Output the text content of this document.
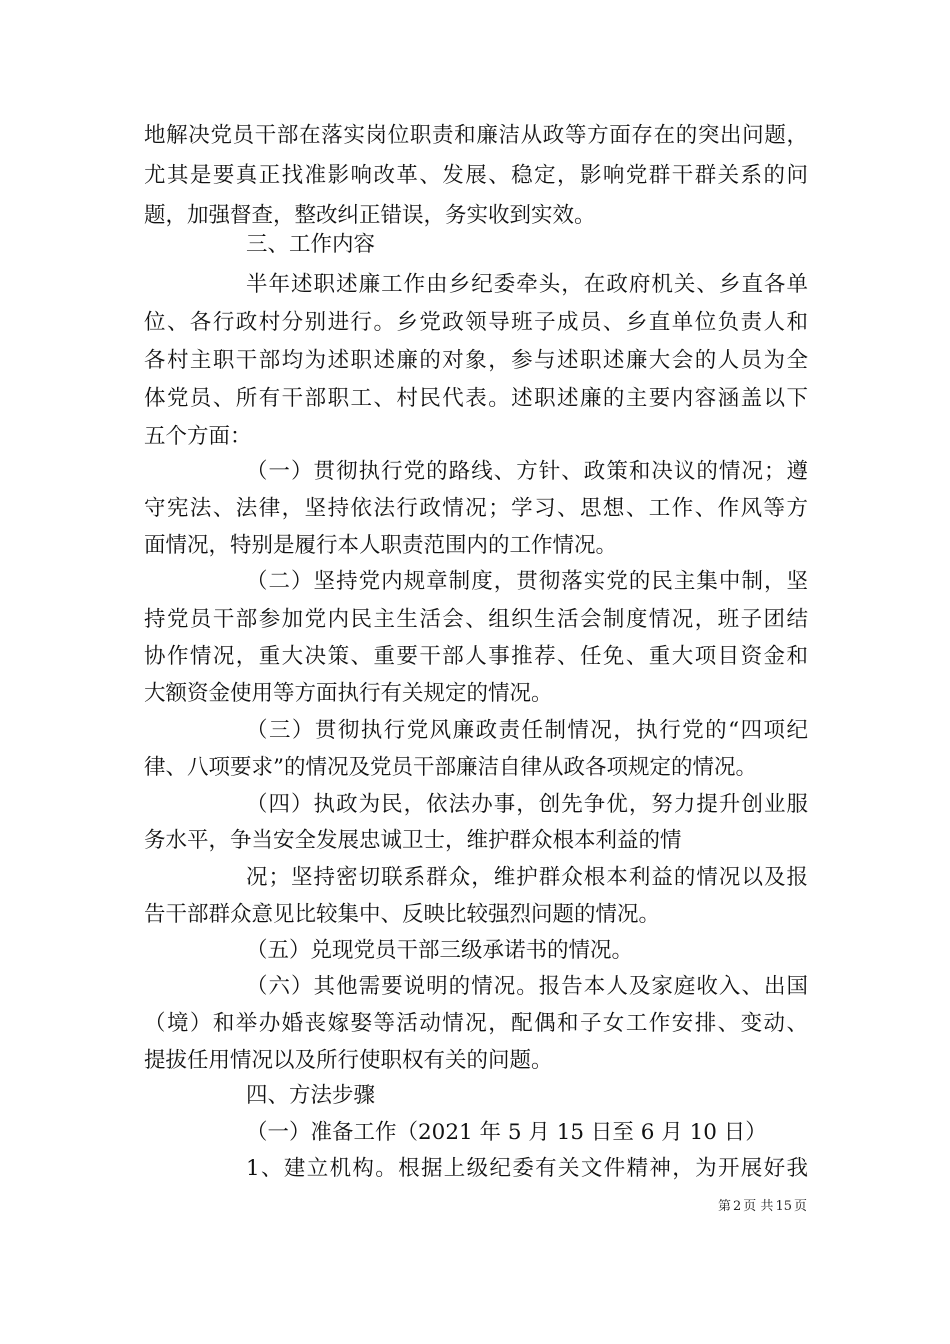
地解决党员干部在落实岗位职责和廉洁从政等方面存在的突出问题，
尤其是要真正找准影响改革、发展、稳定，影响党群干群关系的问
题，加强督查，整改纠正错误，务实收到实效。
三、工作内容
半年述职述廉工作由乡纪委牵头，在政府机关、乡直各单
位、各行政村分别进行。乡党政领导班子成员、乡直单位负责人和
各村主职干部均为述职述廉的对象，参与述职述廉大会的人员为全
体党员、所有干部职工、村民代表。述职述廉的主要内容涵盖以下
五个方面：
（一）贯彻执行党的路线、方针、政策和决议的情况；遵
守宪法、法律，坚持依法行政情况；学习、思想、工作、作风等方
面情况，特别是履行本人职责范围内的工作情况。
（二）坚持党内规章制度，贯彻落实党的民主集中制，坚
持党员干部参加党内民主生活会、组织生活会制度情况，班子团结
协作情况，重大决策、重要干部人事推荐、任免、重大项目资金和
大额资金使用等方面执行有关规定的情况。
（三）贯彻执行党风廉政责任制情况，执行党的“四项纪
律、八项要求”的情况及党员干部廉洁自律从政各项规定的情况。
（四）执政为民，依法办事，创先争优，努力提升创业服
务水平，争当安全发展忠诚卫士，维护群众根本利益的情
况；坚持密切联系群众，维护群众根本利益的情况以及报
告干部群众意见比较集中、反映比较强烈问题的情况。
（五）兑现党员干部三级承诺书的情况。
（六）其他需要说明的情况。报告本人及家庭收入、出国
（境）和举办婚丧嫁娶等活动情况，配偶和子女工作安排、变动、
提拔任用情况以及所行使职权有关的问题。
四、方法步骤
（一）准备工作（2021 年 5 月 15 日至 6 月 10 日）
1、建立机构。根据上级纪委有关文件精神，为开展好我
第 2 页 共 15 页
